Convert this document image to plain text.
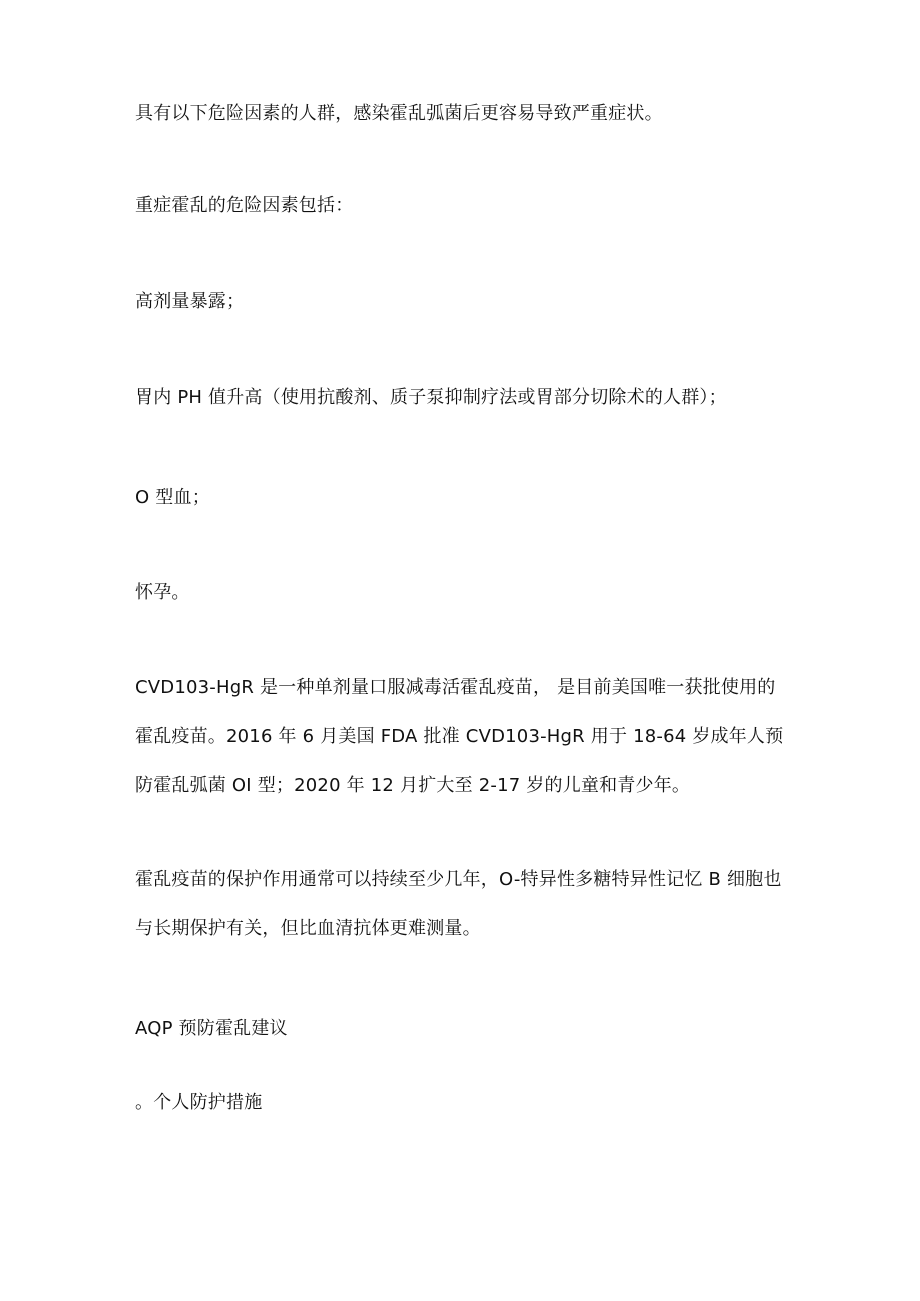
具有以下危险因素的人群，感染霍乱弧菌后更容易导致严重症状。
重症霍乱的危险因素包括：
高剂量暴露；
胃内 PH 值升高（使用抗酸剂、质子泵抑制疗法或胃部分切除术的人群）；
O 型血；
怀孕。
CVD103-HgR 是一种单剂量口服减毒活霍乱疫苗， 是目前美国唯一获批使用的
霍乱疫苗。2016 年 6 月美国 FDA 批准 CVD103-HgR 用于 18-64 岁成年人预
防霍乱弧菌 OI 型；2020 年 12 月扩大至 2-17 岁的儿童和青少年。
霍乱疫苗的保护作用通常可以持续至少几年，O-特异性多糖特异性记忆 B 细胞也
与长期保护有关，但比血清抗体更难测量。
AQP 预防霍乱建议
。个人防护措施
